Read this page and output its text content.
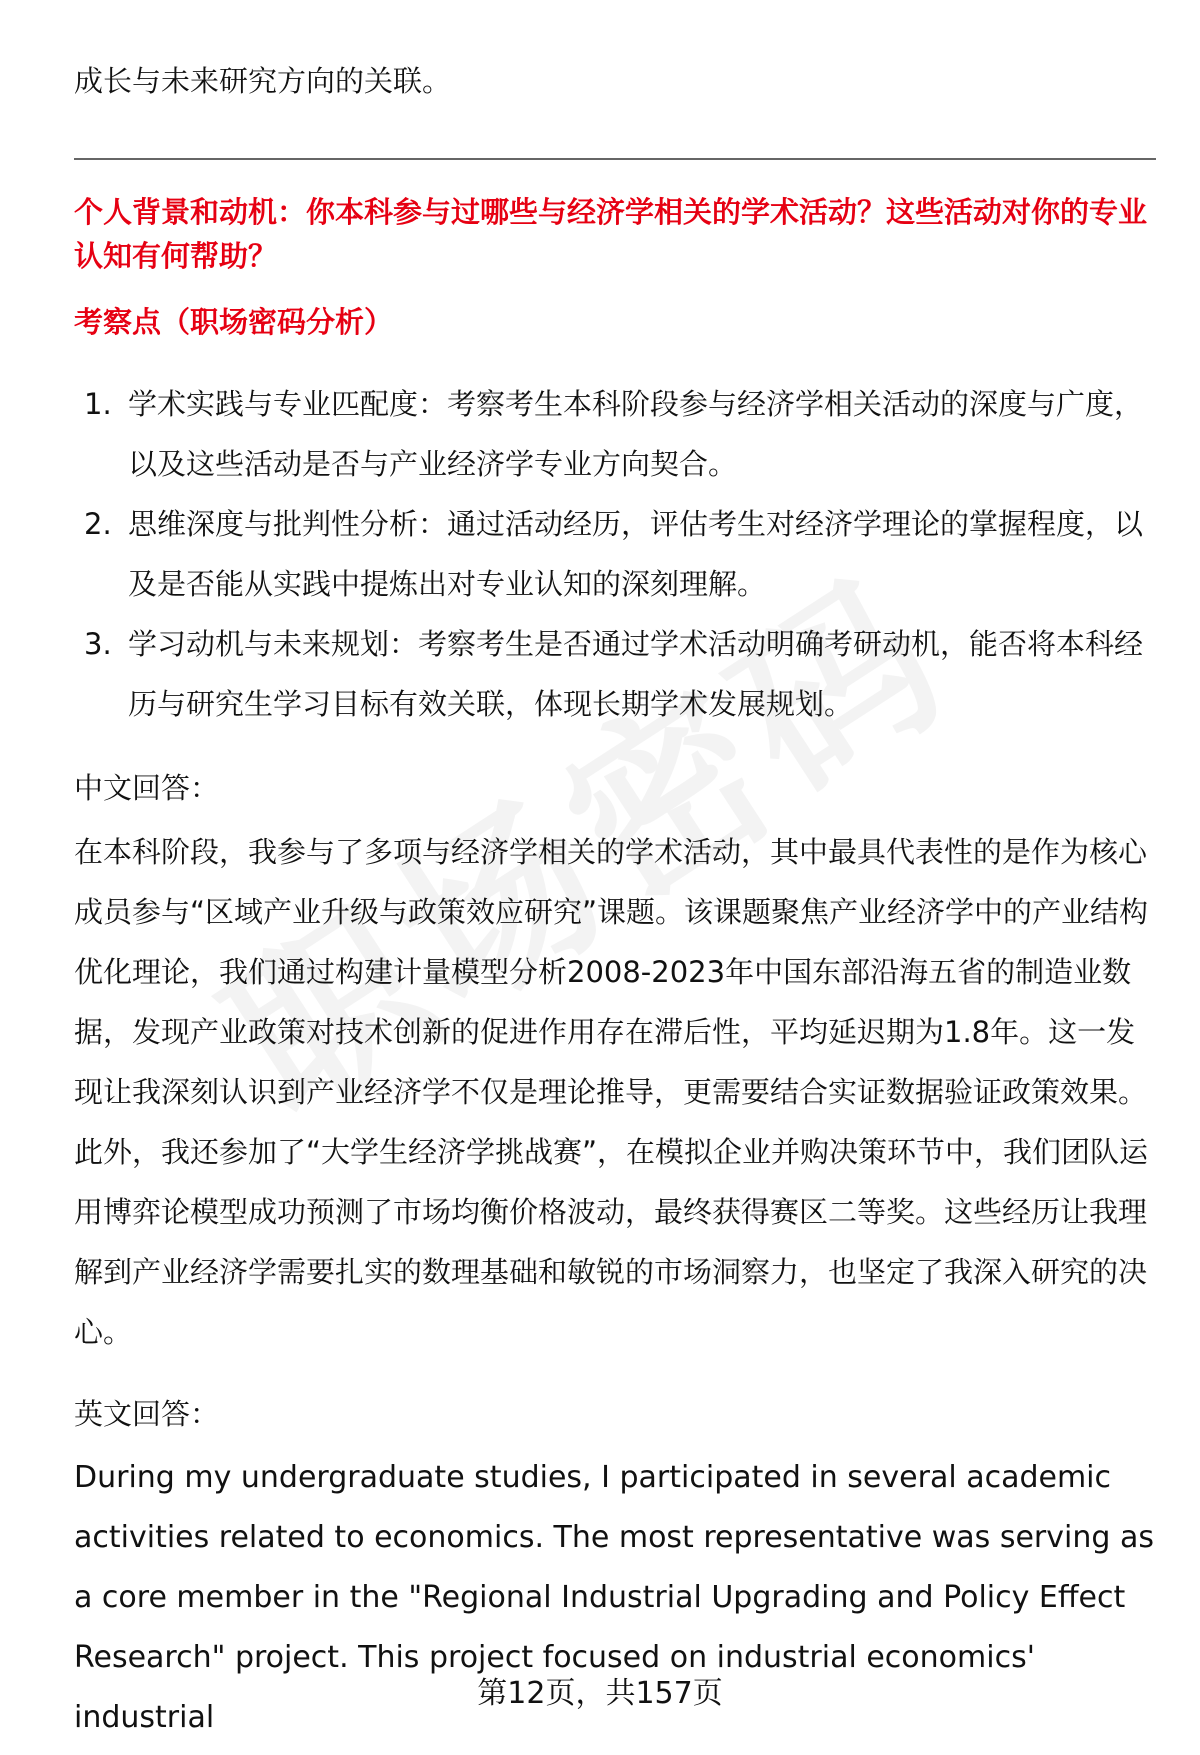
成长与未来研究方向的关联。
个人背景和动机：你本科参与过哪些与经济学相关的学术活动？这些活动对你的专业认知有何帮助？
考察点（职场密码分析）
1. 学术实践与专业匹配度：考察考生本科阶段参与经济学相关活动的深度与广度，以及这些活动是否与产业经济学专业方向契合。
2. 思维深度与批判性分析：通过活动经历，评估考生对经济学理论的掌握程度，以及是否能从实践中提炼出对专业认知的深刻理解。
3. 学习动机与未来规划：考察考生是否通过学术活动明确考研动机，能否将本科经历与研究生学习目标有效关联，体现长期学术发展规划。
中文回答：

在本科阶段，我参与了多项与经济学相关的学术活动，其中最具代表性的是作为核心成员参与“区域产业升级与政策效应研究”课题。该课题聚焦产业经济学中的产业结构优化理论，我们通过构建计量模型分析2008-2023年中国东部沿海五省的制造业数据，发现产业政策对技术创新的促进作用存在滞后性，平均延迟期为1.8年。这一发现让我深刻认识到产业经济学不仅是理论推导，更需要结合实证数据验证政策效果。此外，我还参加了“大学生经济学挑战赛”，在模拟企业并购决策环节中，我们团队运用博弈论模型成功预测了市场均衡价格波动，最终获得赛区二等奖。这些经历让我理解到产业经济学需要扎实的数理基础和敏锐的市场洞察力，也坚定了我深入研究的决心。

英文回答：

During my undergraduate studies, I participated in several academic activities related to economics. The most representative was serving as a core member in the "Regional Industrial Upgrading and Policy Effect Research" project. This project focused on industrial economics' industrial

第12页，共157页
